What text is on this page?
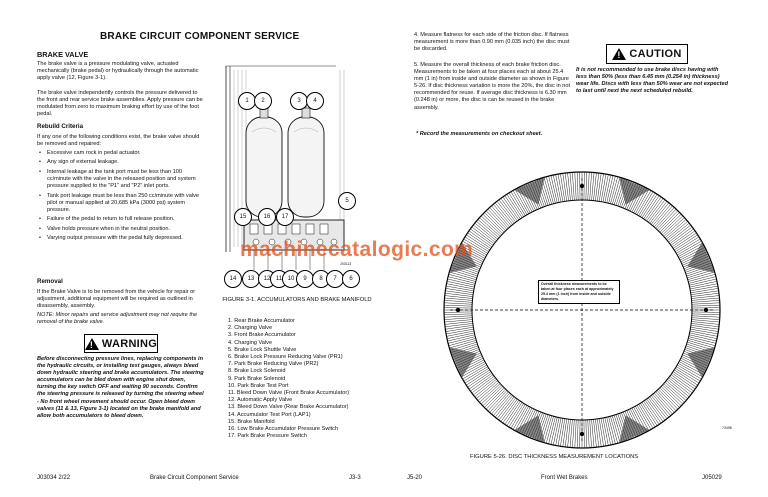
BRAKE CIRCUIT COMPONENT SERVICE
BRAKE VALVE
The brake valve is a pressure modulating valve, actuated mechanically (brake pedal) or hydraulically through the automatic apply valve (12, Figure 3-1).
The brake valve independently controls the pressure delivered to the front and rear service brake assemblies. Apply pressure can be modulated from zero to maximum braking effort by use of the foot pedal.
Rebuild Criteria
If any one of the following conditions exist, the brake valve should be removed and repaired:
• Excessive cam rock in pedal actuator.
• Any sign of external leakage.
• Internal leakage at the tank port must be less than 100 cc/minute with the valve in the released position and system pressure supplied to the "P1" and "P2" inlet ports.
• Tank port leakage must be less than 250 cc/minute with valve pilot or manual applied at 20,685 kPa (3000 psi) system pressure.
• Failure of the pedal to return to full release position.
• Valve holds pressure when in the neutral position.
• Varying output pressure with the pedal fully depressed.
Removal
If the Brake Valve is to be removed from the vehicle for repair or adjustment, additional equipment will be required as outlined in disassembly, assembly.
NOTE: Minor repairs and service adjustment may not require the removal of the brake valve.
! WARNING
Before disconnecting pressure lines, replacing components in the hydraulic circuits, or installing test gauges, always bleed down hydraulic steering and brake accumulators. The steering accumulators can be bled down with engine shut down, turning the key switch OFF and waiting 90 seconds. Confirm the steering pressure is released by turning the steering wheel - No front wheel movement should occur. Open bleed down valves (11 & 13, Figure 3-1) located on the brake manifold and allow both accumulators to bleed down.
1	2	3	4
5
15	16	17
14	13	12 11 10	9	8	7	6
J03113
FIGURE 3-1. ACCUMULATORS AND BRAKE MANIFOLD
1. Rear Brake Accumulator
2. Charging Valve
3. Front Brake Accumulator
4. Charging Valve
5. Brake Lock Shuttle Valve
6. Brake Lock Pressure Reducing Valve (PR1)
7. Park Brake Reducing Valve (PR2)
8. Brake Lock Solenoid
9. Park Brake Solenoid
10. Park Brake Test Port
11. Bleed Down Valve (Front Brake Accumulator)
12. Automatic Apply Valve
13. Bleed Down Valve (Rear Brake Accumulator)
14. Accumulator Test Port (LAP1)
15. Brake Manifold
16. Low Brake Accumulator Pressure Switch
17. Park Brake Pressure Switch
4. Measure flatness for each side of the friction disc. If flatness measurement is more than 0.90 mm (0.035 inch) the disc must be discarded.
5. Measure the overall thickness of each brake friction disc. Measurements to be taken at four places each at about 25.4 mm (1 in) from inside and outside diameter as shown in Figure 5-26. If disc thickness variation is more the 20%, the disc in not recommended for reuse. If average disc thickness is 6.30 mm (0.248 in) or more, the disc is can be reused in the brake assembly.
* Record the measurements on checkout sheet.
! CAUTION
It is not recommended to use brake discs having with less than 50% (less than 6.45 mm (0.254 in) thickness) wear life. Discs with less than 50% wear are not expected to last until next the next scheduled rebuild.
Overall thickness measurements to be taken at four places each at approximately 25.4 mm (1 inch) from inside and outside diameters.
73498
FIGURE 5-26. DISC THICKNESS MEASUREMENT LOCATIONS
machinecatalogic.com
J03034 2/22	Brake Circuit Component Service	J3-3	J5-20	Front Wet Brakes	J05029
